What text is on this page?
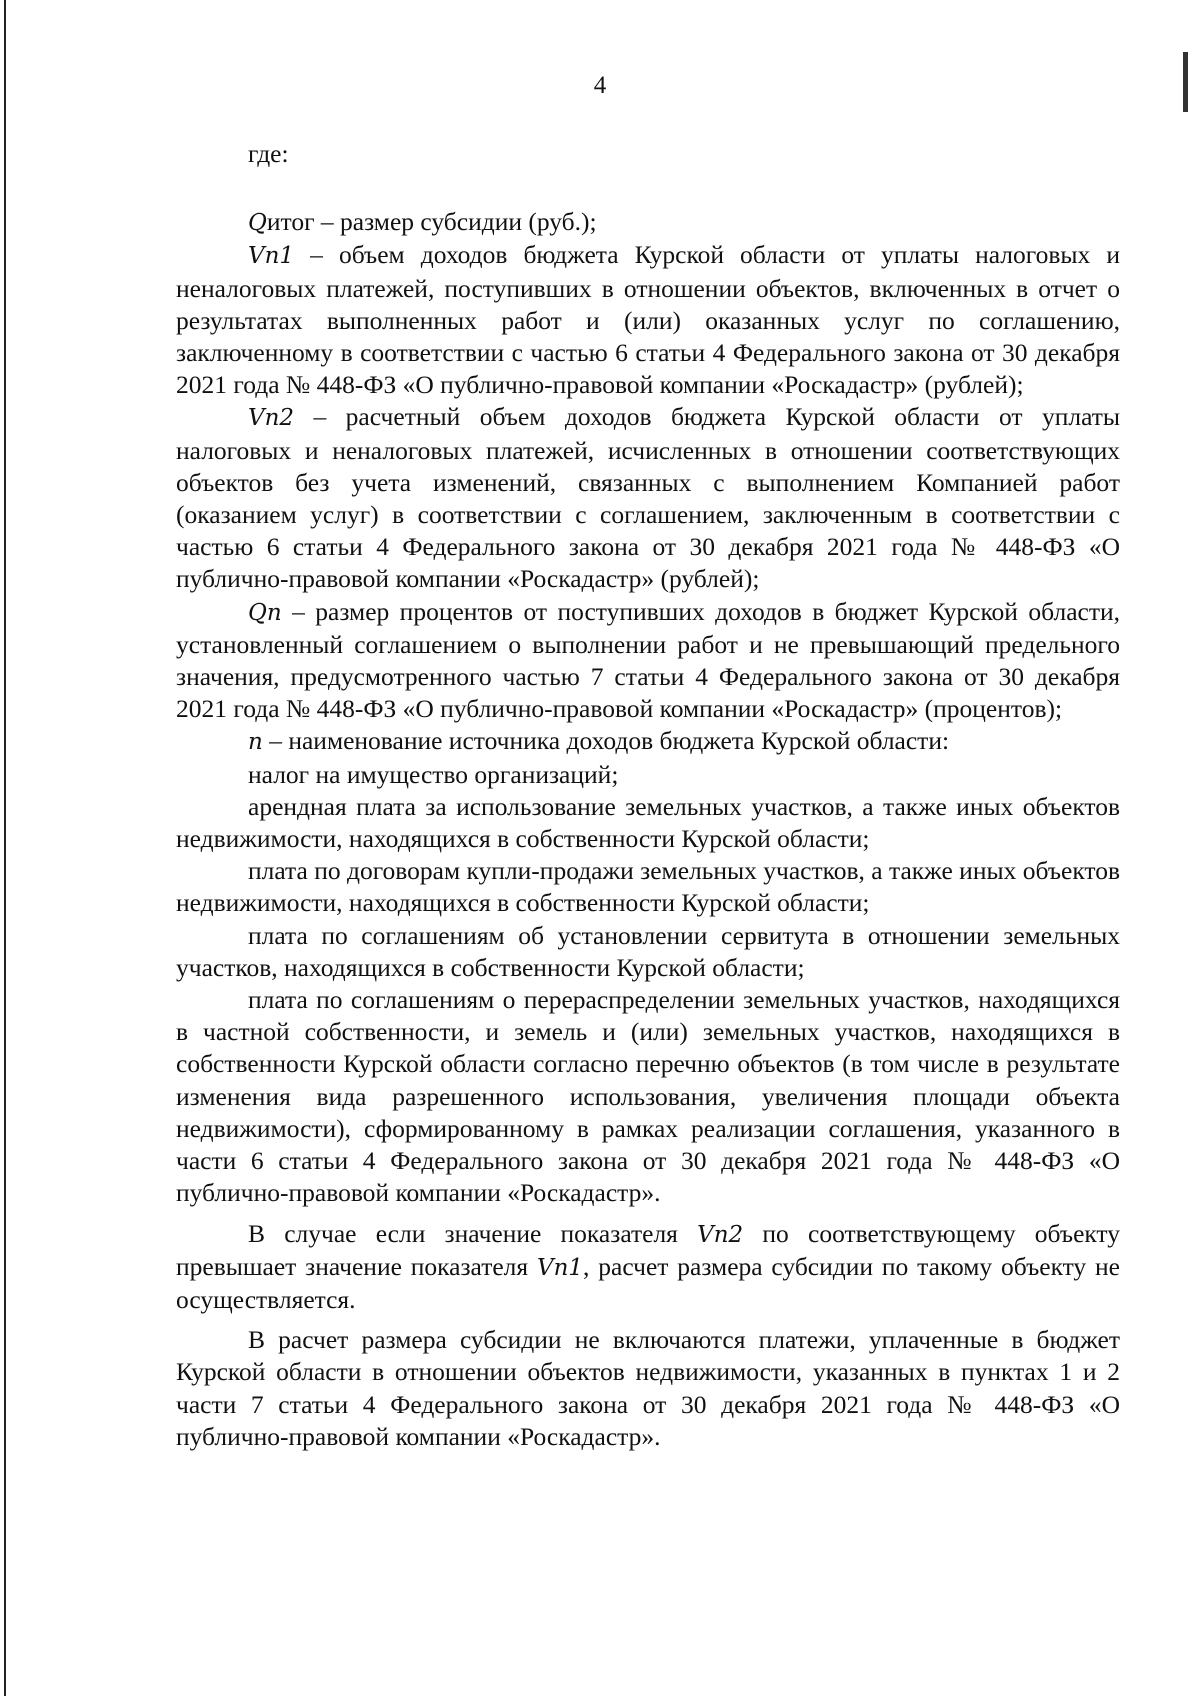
4

где:

Qитог – размер субсидии (руб.);

Vn1 – объем доходов бюджета Курской области от уплаты налоговых и неналоговых платежей, поступивших в отношении объектов, включенных в отчет о результатах выполненных работ и (или) оказанных услуг по соглашению, заключенному в соответствии с частью 6 статьи 4 Федерального закона от 30 декабря 2021 года № 448-ФЗ «О публично-правовой компании «Роскадастр» (рублей);

Vn2 – расчетный объем доходов бюджета Курской области от уплаты налоговых и неналоговых платежей, исчисленных в отношении соответствующих объектов без учета изменений, связанных с выполнением Компанией работ (оказанием услуг) в соответствии с соглашением, заключенным в соответствии с частью 6 статьи 4 Федерального закона от 30 декабря 2021 года № 448-ФЗ «О публично-правовой компании «Роскадастр» (рублей);

Qn – размер процентов от поступивших доходов в бюджет Курской области, установленный соглашением о выполнении работ и не превышающий предельного значения, предусмотренного частью 7 статьи 4 Федерального закона от 30 декабря 2021 года № 448-ФЗ «О публично-правовой компании «Роскадастр» (процентов);

n – наименование источника доходов бюджета Курской области:

налог на имущество организаций;

арендная плата за использование земельных участков, а также иных объектов недвижимости, находящихся в собственности Курской области;

плата по договорам купли-продажи земельных участков, а также иных объектов недвижимости, находящихся в собственности Курской области;

плата по соглашениям об установлении сервитута в отношении земельных участков, находящихся в собственности Курской области;

плата по соглашениям о перераспределении земельных участков, находящихся в частной собственности, и земель и (или) земельных участков, находящихся в собственности Курской области согласно перечню объектов (в том числе в результате изменения вида разрешенного использования, увеличения площади объекта недвижимости), сформированному в рамках реализации соглашения, указанного в части 6 статьи 4 Федерального закона от 30 декабря 2021 года № 448-ФЗ «О публично-правовой компании «Роскадастр».

В случае если значение показателя Vn2 по соответствующему объекту превышает значение показателя Vn1, расчет размера субсидии по такому объекту не осуществляется.

В расчет размера субсидии не включаются платежи, уплаченные в бюджет Курской области в отношении объектов недвижимости, указанных в пунктах 1 и 2 части 7 статьи 4 Федерального закона от 30 декабря 2021 года № 448-ФЗ «О публично-правовой компании «Роскадастр».
